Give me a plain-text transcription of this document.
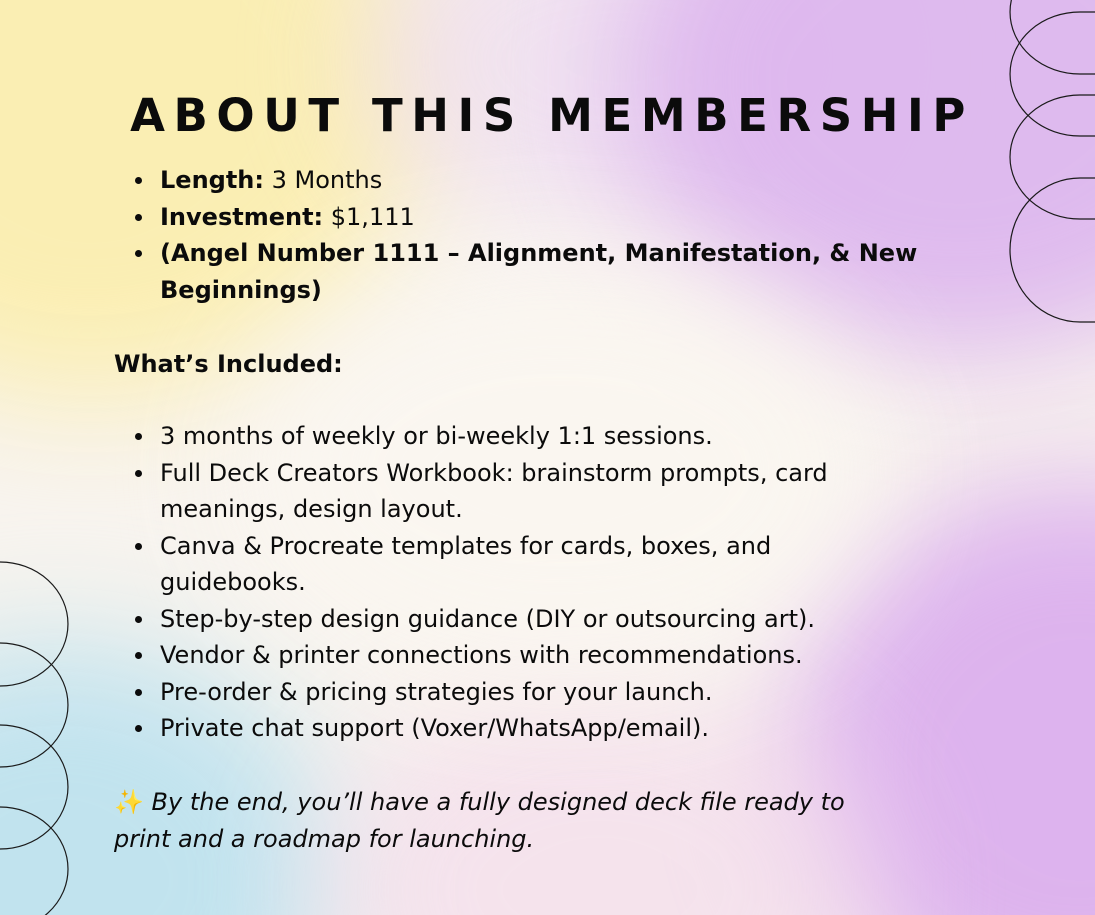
ABOUT THIS MEMBERSHIP
Length: 3 Months
Investment: $1,111
(Angel Number 1111 – Alignment, Manifestation, & New
Beginnings)
What’s Included:
3 months of weekly or bi-weekly 1:1 sessions.
Full Deck Creators Workbook: brainstorm prompts, card
meanings, design layout.
Canva & Procreate templates for cards, boxes, and
guidebooks.
Step-by-step design guidance (DIY or outsourcing art).
Vendor & printer connections with recommendations.
Pre-order & pricing strategies for your launch.
Private chat support (Voxer/WhatsApp/email).
✨ By the end, you’ll have a fully designed deck file ready to
print and a roadmap for launching.
